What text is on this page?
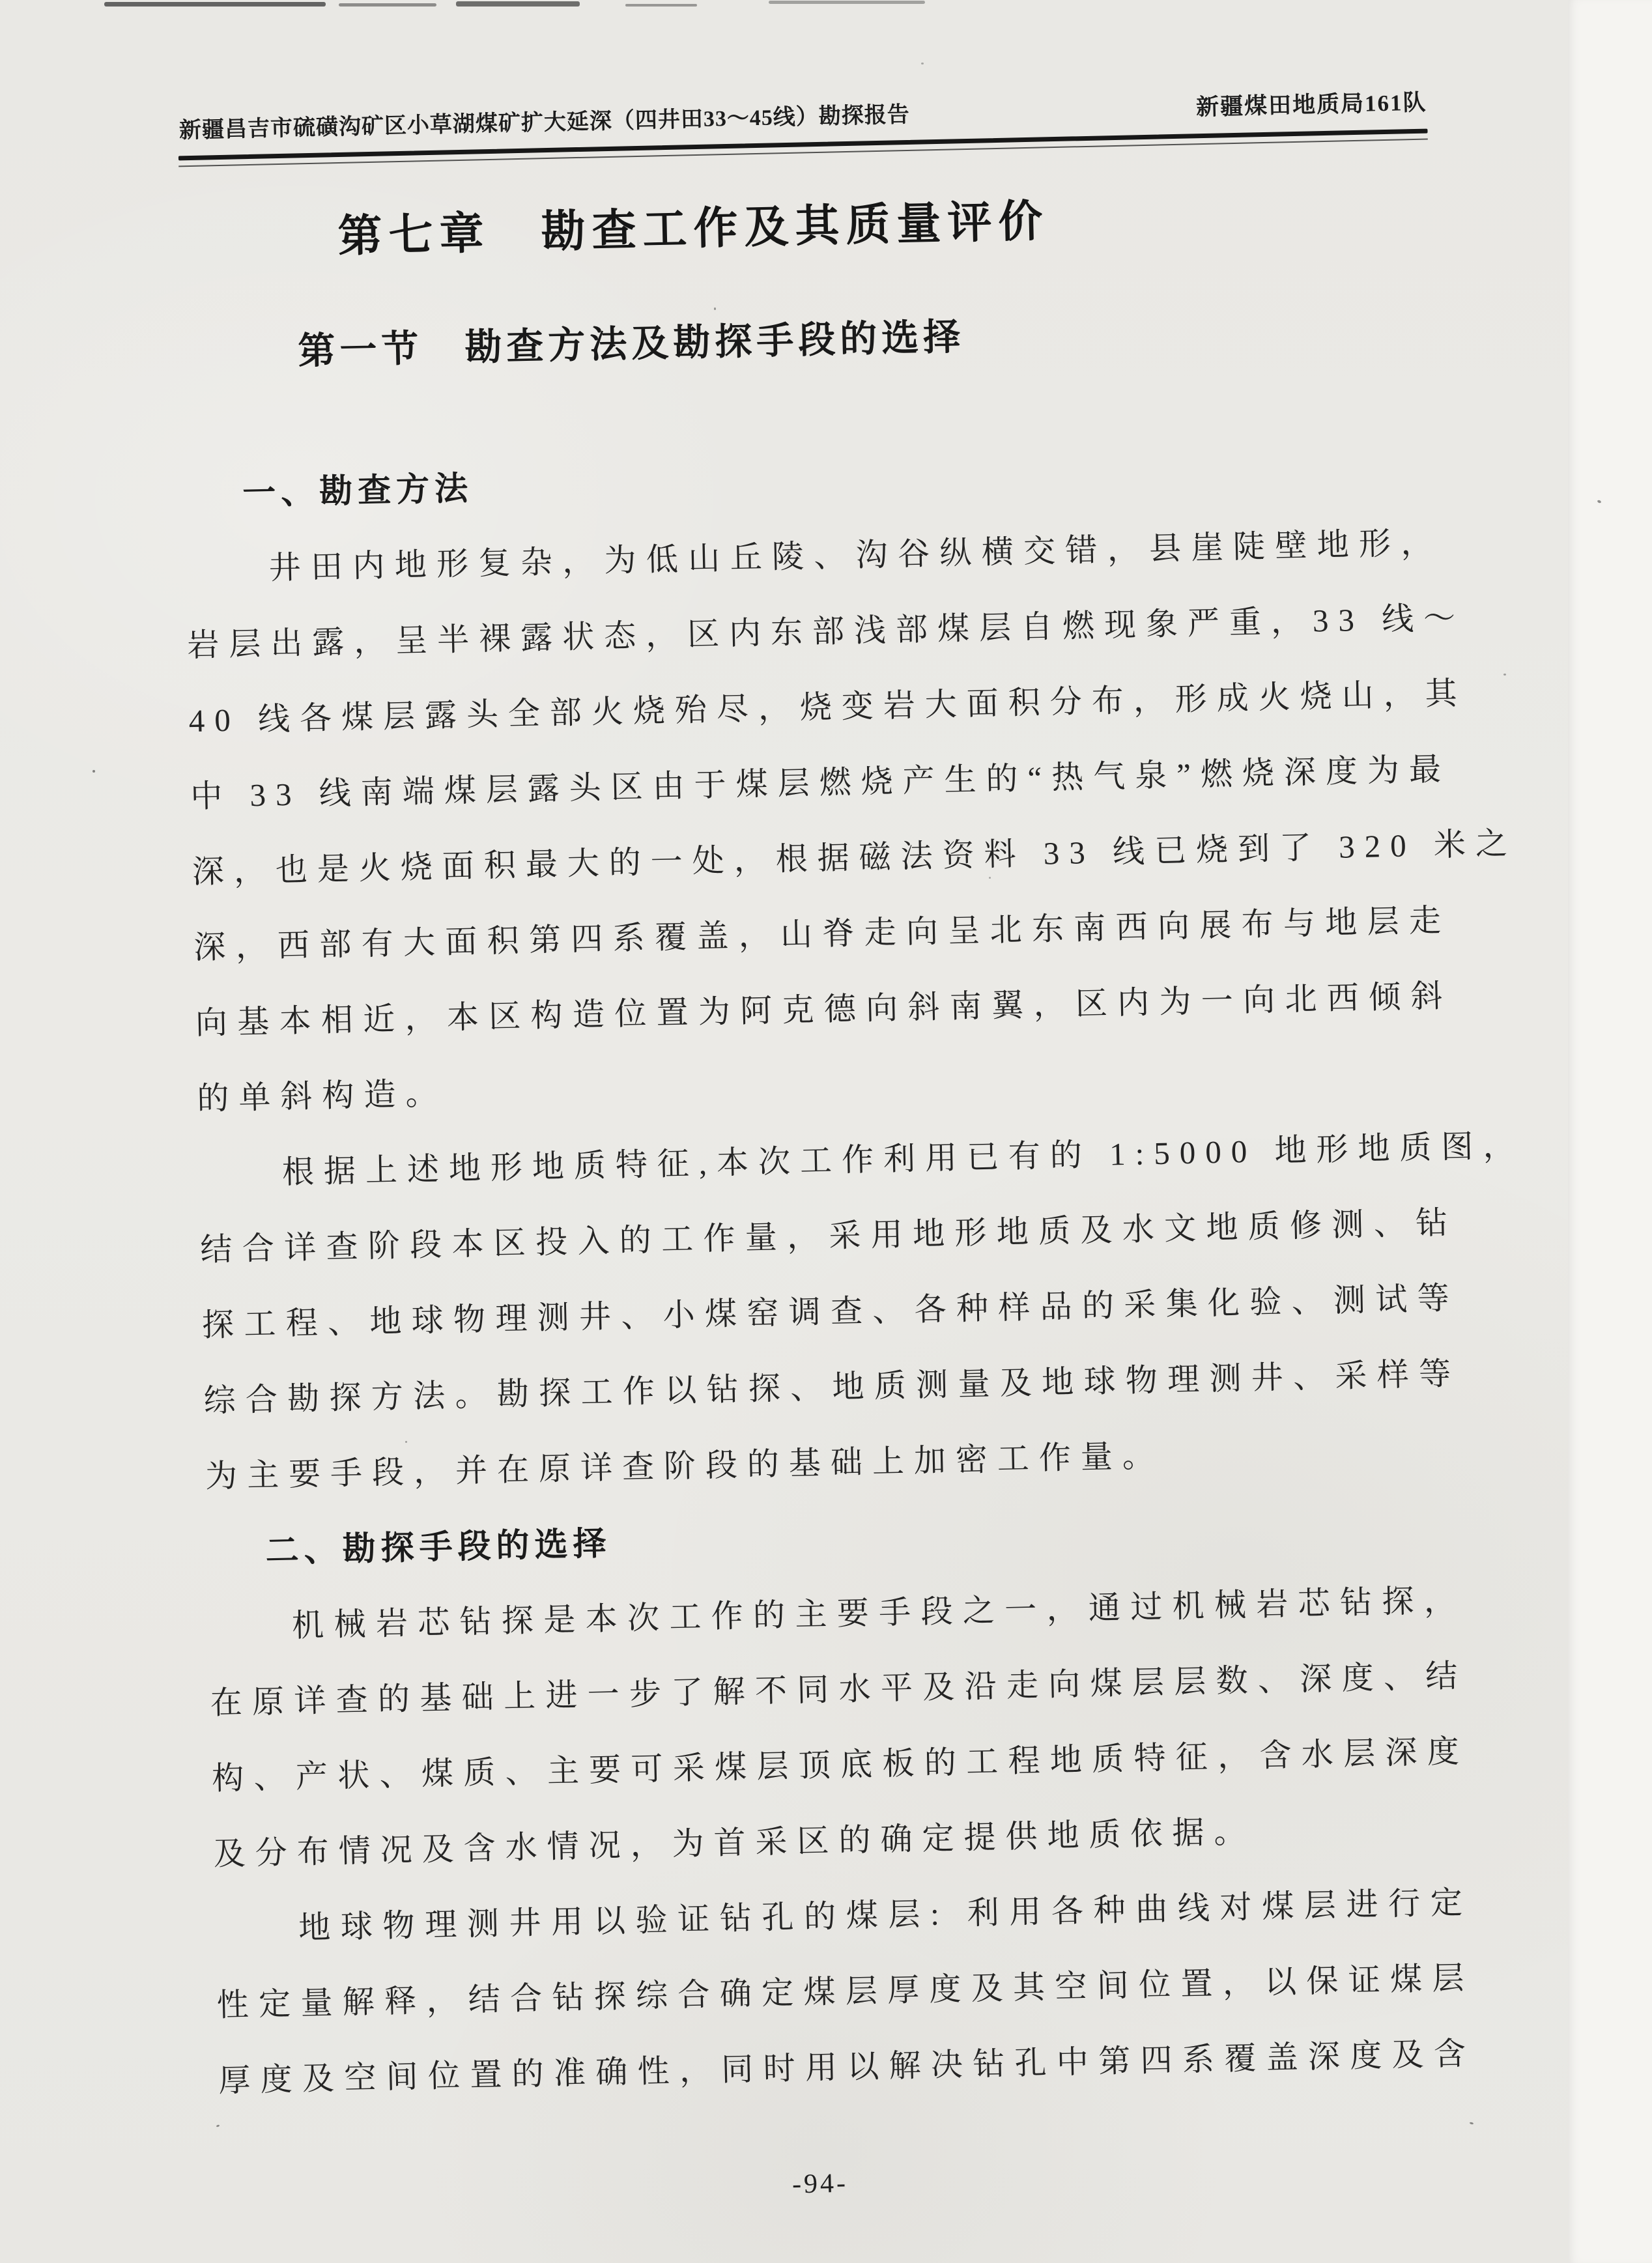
新疆昌吉市硫磺沟矿区小草湖煤矿扩大延深（四井田33～45线）勘探报告	新疆煤田地质局161队
第七章　勘查工作及其质量评价
第一节　勘查方法及勘探手段的选择
一、勘查方法
井田内地形复杂，为低山丘陵、沟谷纵横交错，县崖陡壁地形，
岩层出露，呈半裸露状态，区内东部浅部煤层自燃现象严重，33 线～
40 线各煤层露头全部火烧殆尽，烧变岩大面积分布，形成火烧山，其
中 33 线南端煤层露头区由于煤层燃烧产生的“热气泉”燃烧深度为最
深，也是火烧面积最大的一处，根据磁法资料 33 线已烧到了 320 米之
深，西部有大面积第四系覆盖，山脊走向呈北东南西向展布与地层走
向基本相近，本区构造位置为阿克德向斜南翼，区内为一向北西倾斜
的单斜构造。
根据上述地形地质特征,本次工作利用已有的 1:5000 地形地质图，
结合详查阶段本区投入的工作量，采用地形地质及水文地质修测、钻
探工程、地球物理测井、小煤窑调查、各种样品的采集化验、测试等
综合勘探方法。勘探工作以钻探、地质测量及地球物理测井、采样等
为主要手段，并在原详查阶段的基础上加密工作量。
二、勘探手段的选择
机械岩芯钻探是本次工作的主要手段之一，通过机械岩芯钻探，
在原详查的基础上进一步了解不同水平及沿走向煤层层数、深度、结
构、产状、煤质、主要可采煤层顶底板的工程地质特征，含水层深度
及分布情况及含水情况，为首采区的确定提供地质依据。
地球物理测井用以验证钻孔的煤层: 利用各种曲线对煤层进行定
性定量解释，结合钻探综合确定煤层厚度及其空间位置，以保证煤层
厚度及空间位置的准确性，同时用以解决钻孔中第四系覆盖深度及含
-94-
